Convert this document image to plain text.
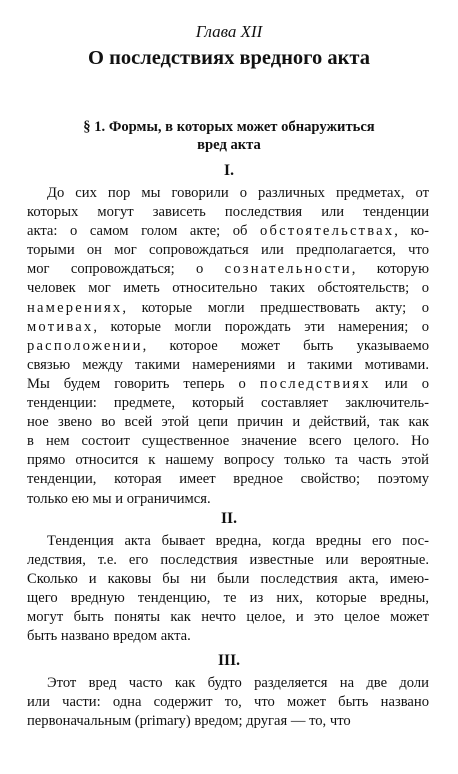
Глава XII
О последствиях вредного акта
§ 1. Формы, в которых может обнаружиться
вред акта
I.
До сих пор мы говорили о различных предметах, от
которых могут зависеть последствия или тенденции
акта: о самом голом акте; об обстоятельствах, ко-
торыми он мог сопровождаться или предполагается, что
мог сопровождаться; о сознательности, которую
человек мог иметь относительно таких обстоятельств; о
намерениях, которые могли предшествовать акту; о
мотивах, которые могли порождать эти намерения; о
расположении, которое может быть указываемо
связью между такими намерениями и такими мотивами.
Мы будем говорить теперь о последствиях или о
тенденции: предмете, который составляет заключитель-
ное звено во всей этой цепи причин и действий, так как
в нем состоит существенное значение всего целого. Но
прямо относится к нашему вопросу только та часть этой
тенденции, которая имеет вредное свойство; поэтому
только ею мы и ограничимся.
II.
Тенденция акта бывает вредна, когда вредны его пос-
ледствия, т.е. его последствия известные или вероятные.
Сколько и каковы бы ни были последствия акта, имею-
щего вредную тенденцию, те из них, которые вредны,
могут быть поняты как нечто целое, и это целое может
быть названо вредом акта.
III.
Этот вред часто как будто разделяется на две доли
или части: одна содержит то, что может быть названо
первоначальным (primary) вредом; другая — то, что
